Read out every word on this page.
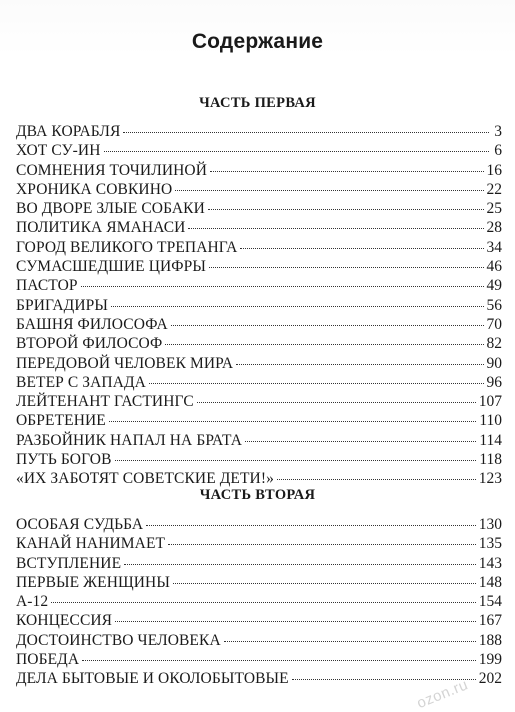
Содержание
ЧАСТЬ ПЕРВАЯ
ДВА КОРАБЛЯ	3
ХОТ СУ-ИН	6
СОМНЕНИЯ ТОЧИЛИНОЙ	16
ХРОНИКА СОВКИНО	22
ВО ДВОРЕ ЗЛЫЕ СОБАКИ	25
ПОЛИТИКА ЯМАНАСИ	28
ГОРОД ВЕЛИКОГО ТРЕПАНГА	34
СУМАСШЕДШИЕ ЦИФРЫ	46
ПАСТОР	49
БРИГАДИРЫ	56
БАШНЯ ФИЛОСОФА	70
ВТОРОЙ ФИЛОСОФ	82
ПЕРЕДОВОЙ ЧЕЛОВЕК МИРА	90
ВЕТЕР С ЗАПАДА	96
ЛЕЙТЕНАНТ ГАСТИНГС	107
ОБРЕТЕНИЕ	110
РАЗБОЙНИК НАПАЛ НА БРАТА	114
ПУТЬ БОГОВ	118
«ИХ ЗАБОТЯТ СОВЕТСКИЕ ДЕТИ!»	123
ЧАСТЬ ВТОРАЯ
ОСОБАЯ СУДЬБА	130
КАНАЙ НАНИМАЕТ	135
ВСТУПЛЕНИЕ	143
ПЕРВЫЕ ЖЕНЩИНЫ	148
А-12	154
КОНЦЕССИЯ	167
ДОСТОИНСТВО ЧЕЛОВЕКА	188
ПОБЕДА	199
ДЕЛА БЫТОВЫЕ И ОКОЛОБЫТОВЫЕ	202
ozon.ru
